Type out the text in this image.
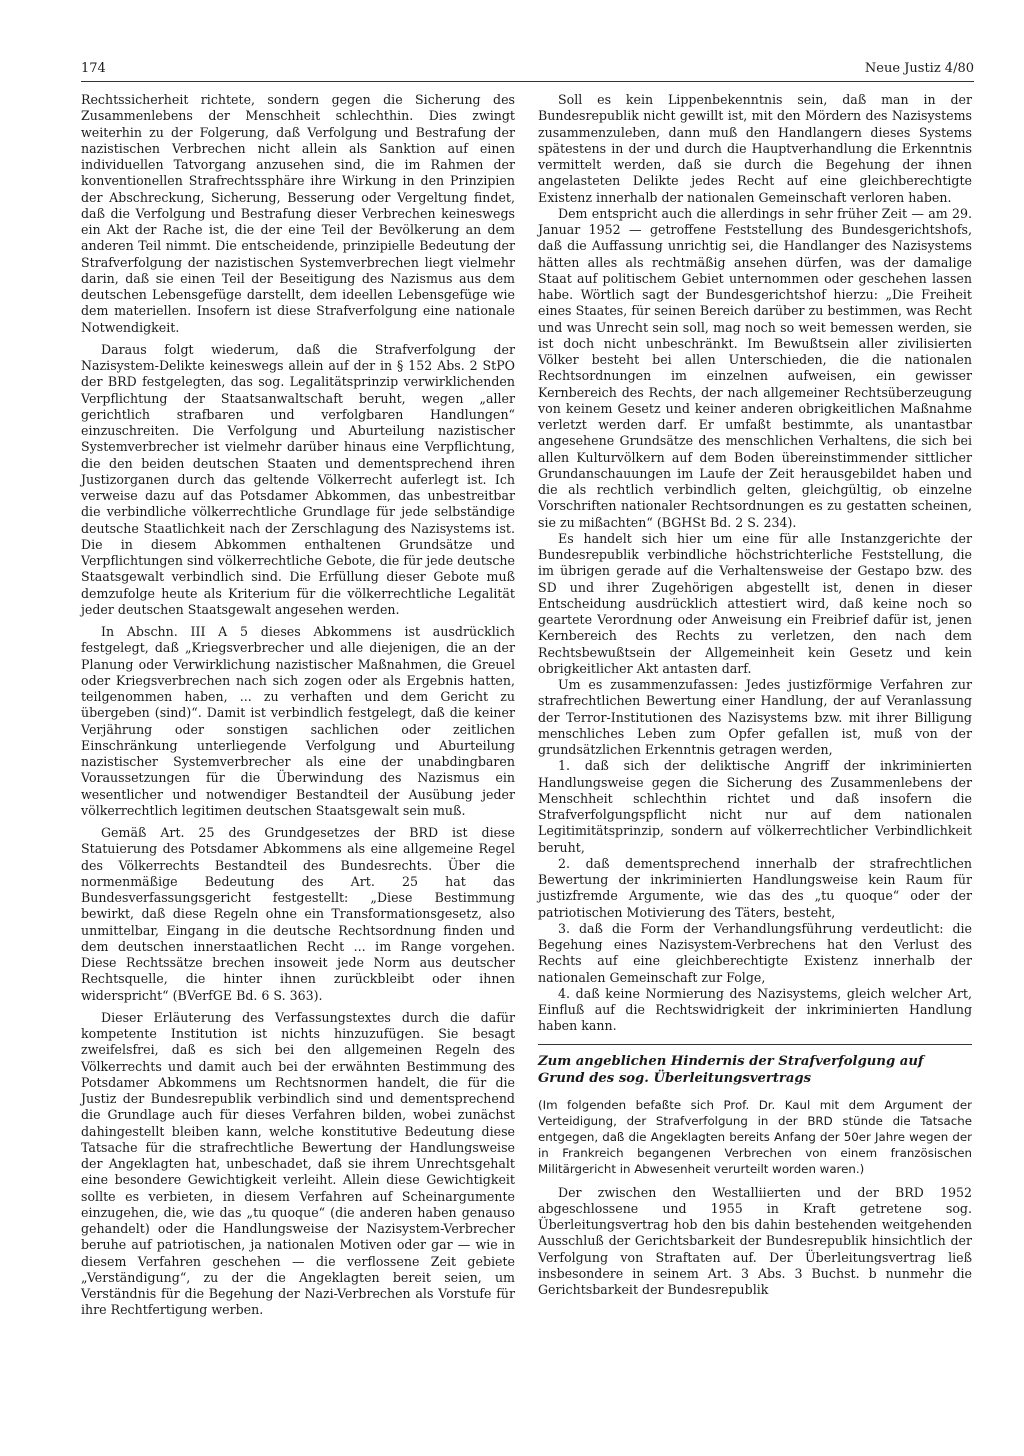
174	Neue Justiz 4/80

Rechtssicherheit richtete, sondern gegen die Sicherung des Zusammenlebens der Menschheit schlechthin. Dies zwingt weiterhin zu der Folgerung, daß Verfolgung und Bestrafung der nazistischen Verbrechen nicht allein als Sanktion auf einen individuellen Tatvorgang anzusehen sind, die im Rahmen der konventionellen Strafrechtssphäre ihre Wirkung in den Prinzipien der Abschreckung, Sicherung, Besserung oder Vergeltung findet, daß die Verfolgung und Bestrafung dieser Verbrechen keineswegs ein Akt der Rache ist, die der eine Teil der Bevölkerung an dem anderen Teil nimmt. Die entscheidende, prinzipielle Bedeutung der Strafverfolgung der nazistischen Systemverbrechen liegt vielmehr darin, daß sie einen Teil der Beseitigung des Nazismus aus dem deutschen Lebensgefüge darstellt, dem ideellen Lebensgefüge wie dem materiellen. Insofern ist diese Strafverfolgung eine nationale Notwendigkeit.

Daraus folgt wiederum, daß die Strafverfolgung der Nazisystem-Delikte keineswegs allein auf der in § 152 Abs. 2 StPO der BRD festgelegten, das sog. Legalitätsprinzip verwirklichenden Verpflichtung der Staatsanwaltschaft beruht, wegen „aller gerichtlich strafbaren und verfolgbaren Handlungen“ einzuschreiten. Die Verfolgung und Aburteilung nazistischer Systemverbrecher ist vielmehr darüber hinaus eine Verpflichtung, die den beiden deutschen Staaten und dementsprechend ihren Justizorganen durch das geltende Völkerrecht auferlegt ist. Ich verweise dazu auf das Potsdamer Abkommen, das unbestreitbar die verbindliche völkerrechtliche Grundlage für jede selbständige deutsche Staatlichkeit nach der Zerschlagung des Nazisystems ist. Die in diesem Abkommen enthaltenen Grundsätze und Verpflichtungen sind völkerrechtliche Gebote, die für jede deutsche Staatsgewalt verbindlich sind. Die Erfüllung dieser Gebote muß demzufolge heute als Kriterium für die völkerrechtliche Legalität jeder deutschen Staatsgewalt angesehen werden.

In Abschn. III A 5 dieses Abkommens ist ausdrücklich festgelegt, daß „Kriegsverbrecher und alle diejenigen, die an der Planung oder Verwirklichung nazistischer Maßnahmen, die Greuel oder Kriegsverbrechen nach sich zogen oder als Ergebnis hatten, teilgenommen haben, ... zu verhaften und dem Gericht zu übergeben (sind)“. Damit ist verbindlich festgelegt, daß die keiner Verjährung oder sonstigen sachlichen oder zeitlichen Einschränkung unterliegende Verfolgung und Aburteilung nazistischer Systemverbrecher als eine der unabdingbaren Voraussetzungen für die Überwindung des Nazismus ein wesentlicher und notwendiger Bestandteil der Ausübung jeder völkerrechtlich legitimen deutschen Staatsgewalt sein muß.

Gemäß Art. 25 des Grundgesetzes der BRD ist diese Statuierung des Potsdamer Abkommens als eine allgemeine Regel des Völkerrechts Bestandteil des Bundesrechts. Über die normenmäßige Bedeutung des Art. 25 hat das Bundesverfassungsgericht festgestellt: „Diese Bestimmung bewirkt, daß diese Regeln ohne ein Transformationsgesetz, also unmittelbar, Eingang in die deutsche Rechtsordnung finden und dem deutschen innerstaatlichen Recht ... im Range vorgehen. Diese Rechtssätze brechen insoweit jede Norm aus deutscher Rechtsquelle, die hinter ihnen zurückbleibt oder ihnen widerspricht“ (BVerfGE Bd. 6 S. 363).

Dieser Erläuterung des Verfassungstextes durch die dafür kompetente Institution ist nichts hinzuzufügen. Sie besagt zweifelsfrei, daß es sich bei den allgemeinen Regeln des Völkerrechts und damit auch bei der erwähnten Bestimmung des Potsdamer Abkommens um Rechtsnormen handelt, die für die Justiz der Bundesrepublik verbindlich sind und dementsprechend die Grundlage auch für dieses Verfahren bilden, wobei zunächst dahingestellt bleiben kann, welche konstitutive Bedeutung diese Tatsache für die strafrechtliche Bewertung der Handlungsweise der Angeklagten hat, unbeschadet, daß sie ihrem Unrechtsgehalt eine besondere Gewichtigkeit verleiht. Allein diese Gewichtigkeit sollte es verbieten, in diesem Verfahren auf Scheinargumente einzugehen, die, wie das „tu quoque“ (die anderen haben genauso gehandelt) oder die Handlungsweise der Nazisystem-Verbrecher beruhe auf patriotischen, ja nationalen Motiven oder gar — wie in diesem Verfahren geschehen — die verflossene Zeit gebiete „Verständigung“, zu der die Angeklagten bereit seien, um Verständnis für die Begehung der Nazi-Verbrechen als Vorstufe für ihre Rechtfertigung werben.

Soll es kein Lippenbekenntnis sein, daß man in der Bundesrepublik nicht gewillt ist, mit den Mördern des Nazisystems zusammenzuleben, dann muß den Handlangern dieses Systems spätestens in der und durch die Hauptverhandlung die Erkenntnis vermittelt werden, daß sie durch die Begehung der ihnen angelasteten Delikte jedes Recht auf eine gleichberechtigte Existenz innerhalb der nationalen Gemeinschaft verloren haben.

Dem entspricht auch die allerdings in sehr früher Zeit — am 29. Januar 1952 — getroffene Feststellung des Bundesgerichtshofs, daß die Auffassung unrichtig sei, die Handlanger des Nazisystems hätten alles als rechtmäßig ansehen dürfen, was der damalige Staat auf politischem Gebiet unternommen oder geschehen lassen habe. Wörtlich sagt der Bundesgerichtshof hierzu: „Die Freiheit eines Staates, für seinen Bereich darüber zu bestimmen, was Recht und was Unrecht sein soll, mag noch so weit bemessen werden, sie ist doch nicht unbeschränkt. Im Bewußtsein aller zivilisierten Völker besteht bei allen Unterschieden, die die nationalen Rechtsordnungen im einzelnen aufweisen, ein gewisser Kernbereich des Rechts, der nach allgemeiner Rechtsüberzeugung von keinem Gesetz und keiner anderen obrigkeitlichen Maßnahme verletzt werden darf. Er umfaßt bestimmte, als unantastbar angesehene Grundsätze des menschlichen Verhaltens, die sich bei allen Kulturvölkern auf dem Boden übereinstimmender sittlicher Grundanschauungen im Laufe der Zeit herausgebildet haben und die als rechtlich verbindlich gelten, gleichgültig, ob einzelne Vorschriften nationaler Rechtsordnungen es zu gestatten scheinen, sie zu mißachten“ (BGHSt Bd. 2 S. 234).

Es handelt sich hier um eine für alle Instanzgerichte der Bundesrepublik verbindliche höchstrichterliche Feststellung, die im übrigen gerade auf die Verhaltensweise der Gestapo bzw. des SD und ihrer Zugehörigen abgestellt ist, denen in dieser Entscheidung ausdrücklich attestiert wird, daß keine noch so geartete Verordnung oder Anweisung ein Freibrief dafür ist, jenen Kernbereich des Rechts zu verletzen, den nach dem Rechtsbewußtsein der Allgemeinheit kein Gesetz und kein obrigkeitlicher Akt antasten darf.

Um es zusammenzufassen: Jedes justizförmige Verfahren zur strafrechtlichen Bewertung einer Handlung, der auf Veranlassung der Terror-Institutionen des Nazisystems bzw. mit ihrer Billigung menschliches Leben zum Opfer gefallen ist, muß von der grundsätzlichen Erkenntnis getragen werden,

1. daß sich der deliktische Angriff der inkriminierten Handlungsweise gegen die Sicherung des Zusammenlebens der Menschheit schlechthin richtet und daß insofern die Strafverfolgungspflicht nicht nur auf dem nationalen Legitimitätsprinzip, sondern auf völkerrechtlicher Verbindlichkeit beruht,

2. daß dementsprechend innerhalb der strafrechtlichen Bewertung der inkriminierten Handlungsweise kein Raum für justizfremde Argumente, wie das des „tu quoque“ oder der patriotischen Motivierung des Täters, besteht,

3. daß die Form der Verhandlungsführung verdeutlicht: die Begehung eines Nazisystem-Verbrechens hat den Verlust des Rechts auf eine gleichberechtigte Existenz innerhalb der nationalen Gemeinschaft zur Folge,

4. daß keine Normierung des Nazisystems, gleich welcher Art, Einfluß auf die Rechtswidrigkeit der inkriminierten Handlung haben kann.

Zum angeblichen Hindernis der Strafverfolgung auf Grund des sog. Überleitungsvertrags
(Im folgenden befaßte sich Prof. Dr. Kaul mit dem Argument der Verteidigung, der Strafverfolgung in der BRD stünde die Tatsache entgegen, daß die Angeklagten bereits Anfang der 50er Jahre wegen der in Frankreich begangenen Verbrechen von einem französischen Militärgericht in Abwesenheit verurteilt worden waren.)

Der zwischen den Westalliierten und der BRD 1952 abgeschlossene und 1955 in Kraft getretene sog. Überleitungsvertrag hob den bis dahin bestehenden weitgehenden Ausschluß der Gerichtsbarkeit der Bundesrepublik hinsichtlich der Verfolgung von Straftaten auf. Der Überleitungsvertrag ließ insbesondere in seinem Art. 3 Abs. 3 Buchst. b nunmehr die Gerichtsbarkeit der Bundesrepublik
